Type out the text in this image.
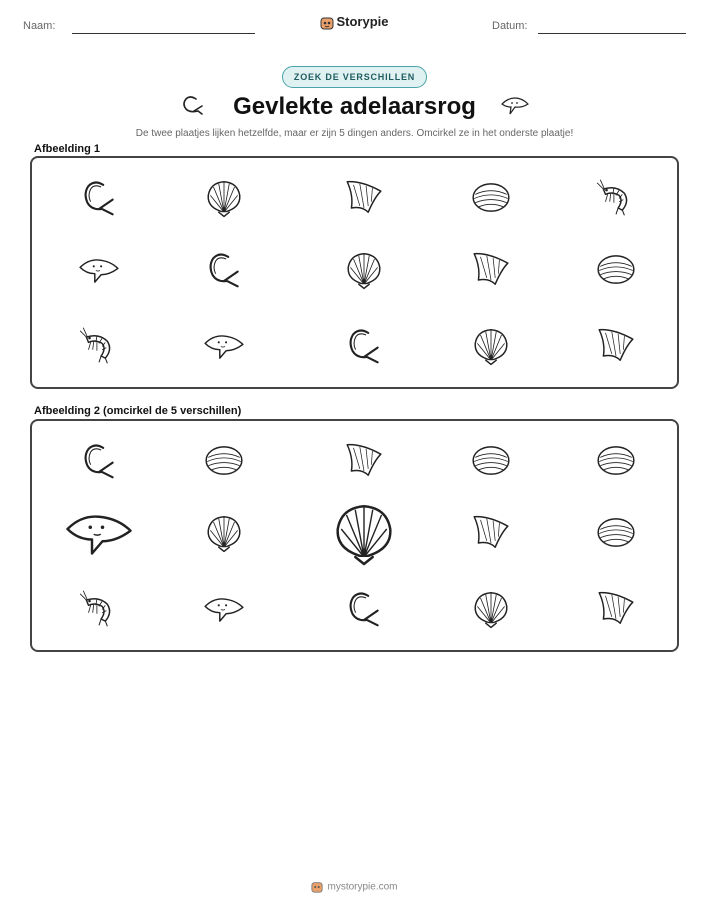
Naam:	Storypie	Datum:
ZOEK DE VERSCHILLEN
Gevlekte adelaarsrog
De twee plaatjes lijken hetzelfde, maar er zijn 5 dingen anders. Omcirkel ze in het onderste plaatje!
Afbeelding 1
Afbeelding 2 (omcirkel de 5 verschillen)
mystorypie.com
